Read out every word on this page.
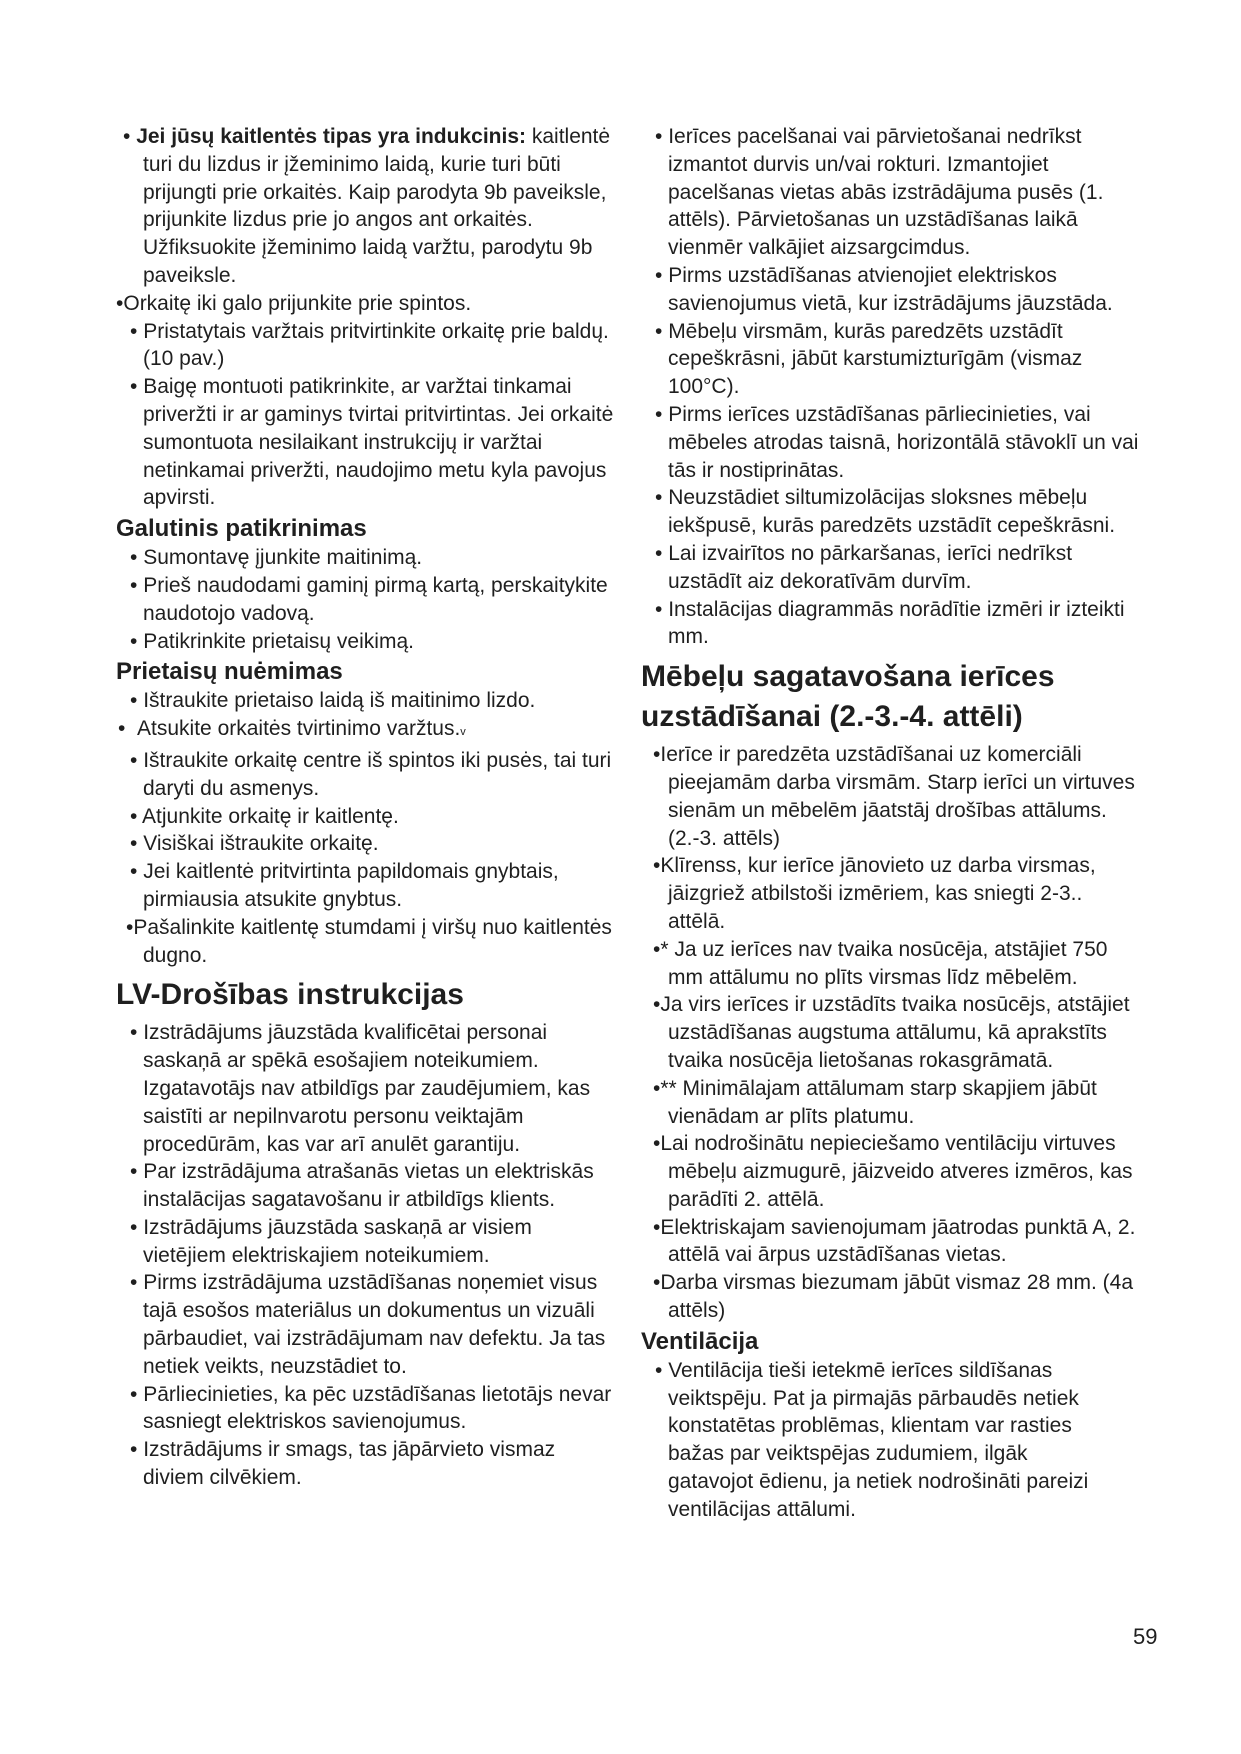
• Jei jūsų kaitlentės tipas yra indukcinis: kaitlentė turi du lizdus ir įžeminimo laidą, kurie turi būti prijungti prie orkaitės. Kaip parodyta 9b paveiksle, prijunkite lizdus prie jo angos ant orkaitės. Užfiksuokite įžeminimo laidą varžtu, parodytu 9b paveiksle.

•Orkaitę iki galo prijunkite prie spintos.

• Pristatytais varžtais pritvirtinkite orkaitę prie baldų. (10 pav.)

• Baigę montuoti patikrinkite, ar varžtai tinkamai priveržti ir ar gaminys tvirtai pritvirtintas. Jei orkaitė sumontuota nesilaikant instrukcijų ir varžtai netinkamai priveržti, naudojimo metu kyla pavojus apvirsti.

Galutinis patikrinimas

• Sumontavę įjunkite maitinimą.

• Prieš naudodami gaminį pirmą kartą, perskaitykite naudotojo vadovą.

• Patikrinkite prietaisų veikimą.

Prietaisų nuėmimas

• Ištraukite prietaiso laidą iš maitinimo lizdo.

•  Atsukite orkaitės tvirtinimo varžtus.v

• Ištraukite orkaitę centre iš spintos iki pusės, tai turi daryti du asmenys.

• Atjunkite orkaitę ir kaitlentę.

• Visiškai ištraukite orkaitę.

• Jei kaitlentė pritvirtinta papildomais gnybtais, pirmiausia atsukite gnybtus.

•Pašalinkite kaitlentę stumdami į viršų nuo kaitlentės dugno.

LV-Drošības instrukcijas

• Izstrādājums jāuzstāda kvalificētai personai saskaņā ar spēkā esošajiem noteikumiem. Izgatavotājs nav atbildīgs par zaudējumiem, kas saistīti ar nepilnvarotu personu veiktajām procedūrām, kas var arī anulēt garantiju.

• Par izstrādājuma atrašanās vietas un elektriskās instalācijas sagatavošanu ir atbildīgs klients.

• Izstrādājums jāuzstāda saskaņā ar visiem vietējiem elektriskajiem noteikumiem.

• Pirms izstrādājuma uzstādīšanas noņemiet visus tajā esošos materiālus un dokumentus un vizuāli pārbaudiet, vai izstrādājumam nav defektu. Ja tas netiek veikts, neuzstādiet to.

• Pārliecinieties, ka pēc uzstādīšanas lietotājs nevar sasniegt elektriskos savienojumus.

• Izstrādājums ir smags, tas jāpārvieto vismaz diviem cilvēkiem.

• Ierīces pacelšanai vai pārvietošanai nedrīkst izmantot durvis un/vai rokturi. Izmantojiet pacelšanas vietas abās izstrādājuma pusēs (1. attēls). Pārvietošanas un uzstādīšanas laikā vienmēr valkājiet aizsargcimdus.

• Pirms uzstādīšanas atvienojiet elektriskos savienojumus vietā, kur izstrādājums jāuzstāda.

• Mēbeļu virsmām, kurās paredzēts uzstādīt cepeškrāsni, jābūt karstumizturīgām (vismaz 100°C).

• Pirms ierīces uzstādīšanas pārliecinieties, vai mēbeles atrodas taisnā, horizontālā stāvoklī un vai tās ir nostiprinātas.

• Neuzstādiet siltumizolācijas sloksnes mēbeļu iekšpusē, kurās paredzēts uzstādīt cepeškrāsni.

• Lai izvairītos no pārkaršanas, ierīci nedrīkst uzstādīt aiz dekoratīvām durvīm.

• Instalācijas diagrammās norādītie izmēri ir izteikti mm.

Mēbeļu sagatavošana ierīces uzstādīšanai (2.-3.-4. attēli)

•Ierīce ir paredzēta uzstādīšanai uz komerciāli pieejamām darba virsmām. Starp ierīci un virtuves sienām un mēbelēm jāatstāj drošības attālums. (2.-3. attēls)

•Klīrenss, kur ierīce jānovieto uz darba virsmas, jāizgriež atbilstoši izmēriem, kas sniegti 2-3.. attēlā.

•* Ja uz ierīces nav tvaika nosūcēja, atstājiet 750 mm attālumu no plīts virsmas līdz mēbelēm.

•Ja virs ierīces ir uzstādīts tvaika nosūcējs, atstājiet uzstādīšanas augstuma attālumu, kā aprakstīts tvaika nosūcēja lietošanas rokasgrāmatā.

•** Minimālajam attālumam starp skapjiem jābūt vienādam ar plīts platumu.

•Lai nodrošinātu nepieciešamo ventilāciju virtuves mēbeļu aizmugurē, jāizveido atveres izmēros, kas parādīti 2. attēlā.

•Elektriskajam savienojumam jāatrodas punktā A, 2. attēlā vai ārpus uzstādīšanas vietas.

•Darba virsmas biezumam jābūt vismaz 28 mm. (4a attēls)

Ventilācija

• Ventilācija tieši ietekmē ierīces sildīšanas veiktspēju. Pat ja pirmajās pārbaudēs netiek konstatētas problēmas, klientam var rasties bažas par veiktspējas zudumiem, ilgāk gatavojot ēdienu, ja netiek nodrošināti pareizi ventilācijas attālumi.

59
